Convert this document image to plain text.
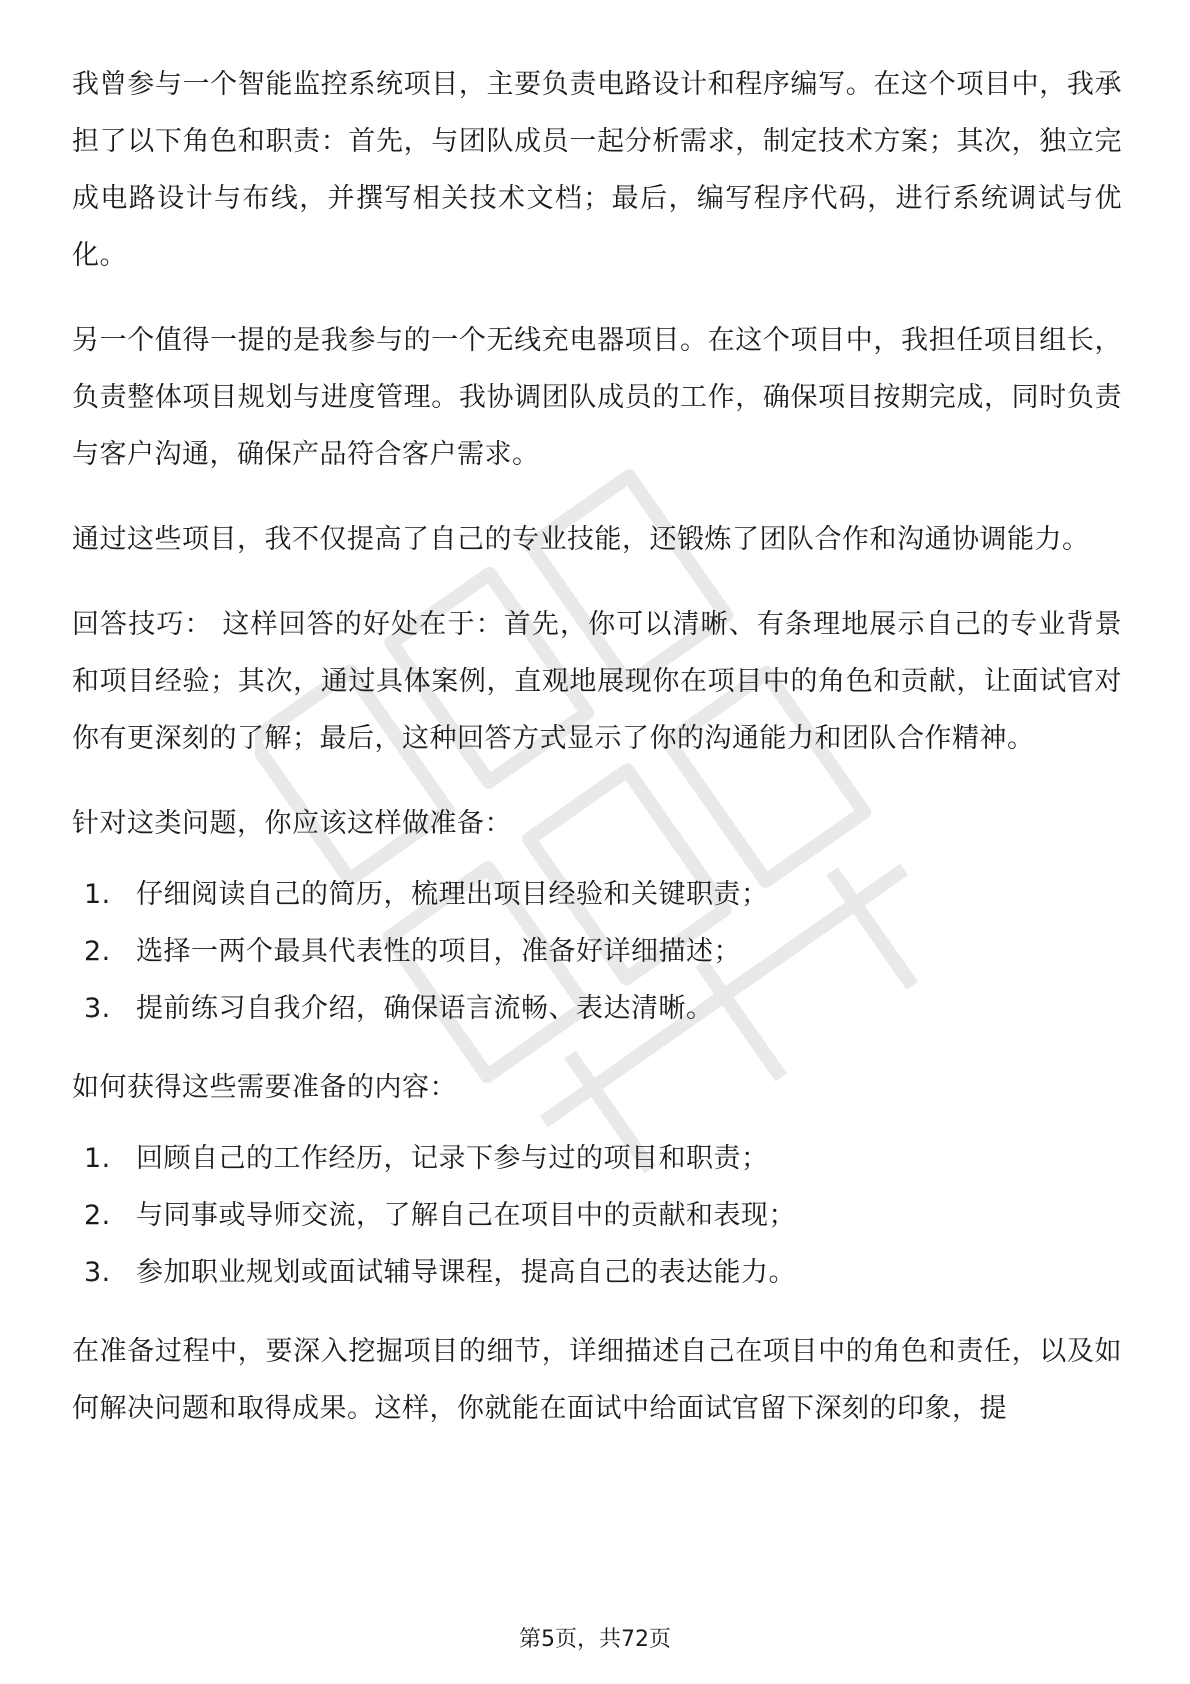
我曾参与一个智能监控系统项目，主要负责电路设计和程序编写。在这个项目中，我承担了以下角色和职责：首先，与团队成员一起分析需求，制定技术方案；其次，独立完成电路设计与布线，并撰写相关技术文档；最后，编写程序代码，进行系统调试与优化。

另一个值得一提的是我参与的一个无线充电器项目。在这个项目中，我担任项目组长，负责整体项目规划与进度管理。我协调团队成员的工作，确保项目按期完成，同时负责与客户沟通，确保产品符合客户需求。

通过这些项目，我不仅提高了自己的专业技能，还锻炼了团队合作和沟通协调能力。

回答技巧： 这样回答的好处在于：首先，你可以清晰、有条理地展示自己的专业背景和项目经验；其次，通过具体案例，直观地展现你在项目中的角色和贡献，让面试官对你有更深刻的了解；最后，这种回答方式显示了你的沟通能力和团队合作精神。

针对这类问题，你应该这样做准备：

1. 仔细阅读自己的简历，梳理出项目经验和关键职责；
2. 选择一两个最具代表性的项目，准备好详细描述；
3. 提前练习自我介绍，确保语言流畅、表达清晰。

如何获得这些需要准备的内容：

1. 回顾自己的工作经历，记录下参与过的项目和职责；
2. 与同事或导师交流，了解自己在项目中的贡献和表现；
3. 参加职业规划或面试辅导课程，提高自己的表达能力。

在准备过程中，要深入挖掘项目的细节，详细描述自己在项目中的角色和责任，以及如何解决问题和取得成果。这样，你就能在面试中给面试官留下深刻的印象，提

第5页，共72页
